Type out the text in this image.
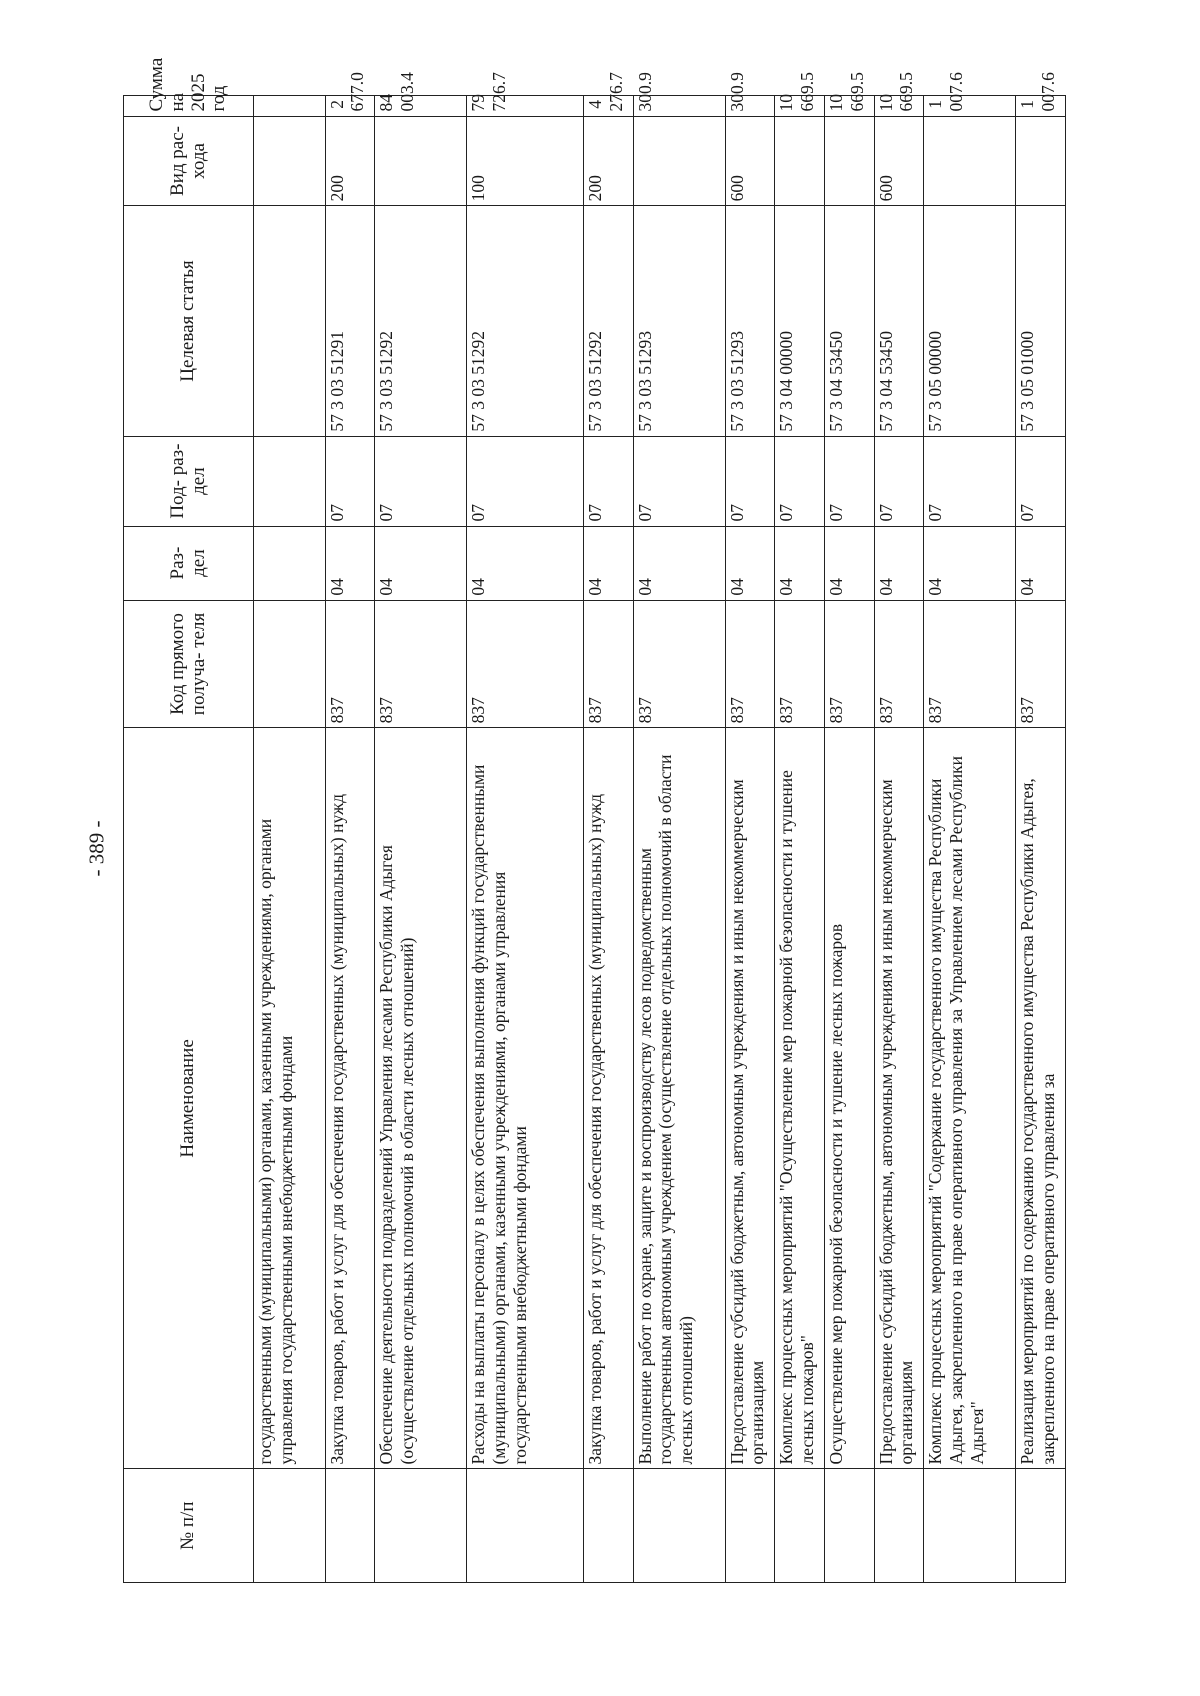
- 389 -
№ п/п	Наименование	Код прямого получа- теля	Раз- дел	Под- раз- дел	Целевая статья	Вид рас- хода	Сумма на 2025 год
	государственными (муниципальными) органами, казенными учреждениями, органами управления государственными внебюджетными фондами						
	Закупка товаров, работ и услуг для обеспечения государственных (муниципальных) нужд	837	04	07	57 3 03 51291	200	2 677.0
	Обеспечение деятельности подразделений Управления лесами Республики Адыгея (осуществление отдельных полномочий в области лесных отношений)	837	04	07	57 3 03 51292		84 003.4
	Расходы на выплаты персоналу в целях обеспечения выполнения функций государственными (муниципальными) органами, казенными учреждениями, органами управления государственными внебюджетными фондами	837	04	07	57 3 03 51292	100	79 726.7
	Закупка товаров, работ и услуг для обеспечения государственных (муниципальных) нужд	837	04	07	57 3 03 51292	200	4 276.7
	Выполнение работ по охране, защите и воспроизводству лесов подведомственным государственным автономным учреждением (осуществление отдельных полномочий в области лесных отношений)	837	04	07	57 3 03 51293		300.9
	Предоставление субсидий бюджетным, автономным учреждениям и иным некоммерческим организациям	837	04	07	57 3 03 51293	600	300.9
	Комплекс процессных мероприятий "Осуществление мер пожарной безопасности и тушение лесных пожаров"	837	04	07	57 3 04 00000		10 669.5
	Осуществление мер пожарной безопасности и тушение лесных пожаров	837	04	07	57 3 04 53450		10 669.5
	Предоставление субсидий бюджетным, автономным учреждениям и иным некоммерческим организациям	837	04	07	57 3 04 53450	600	10 669.5
	Комплекс процессных мероприятий "Содержание государственного имущества Республики Адыгея, закрепленного на праве оперативного управления за Управлением лесами Республики Адыгея"	837	04	07	57 3 05 00000		1 007.6
	Реализация мероприятий по содержанию государственного имущества Республики Адыгея, закрепленного на праве оперативного управления за	837	04	07	57 3 05 01000		1 007.6
